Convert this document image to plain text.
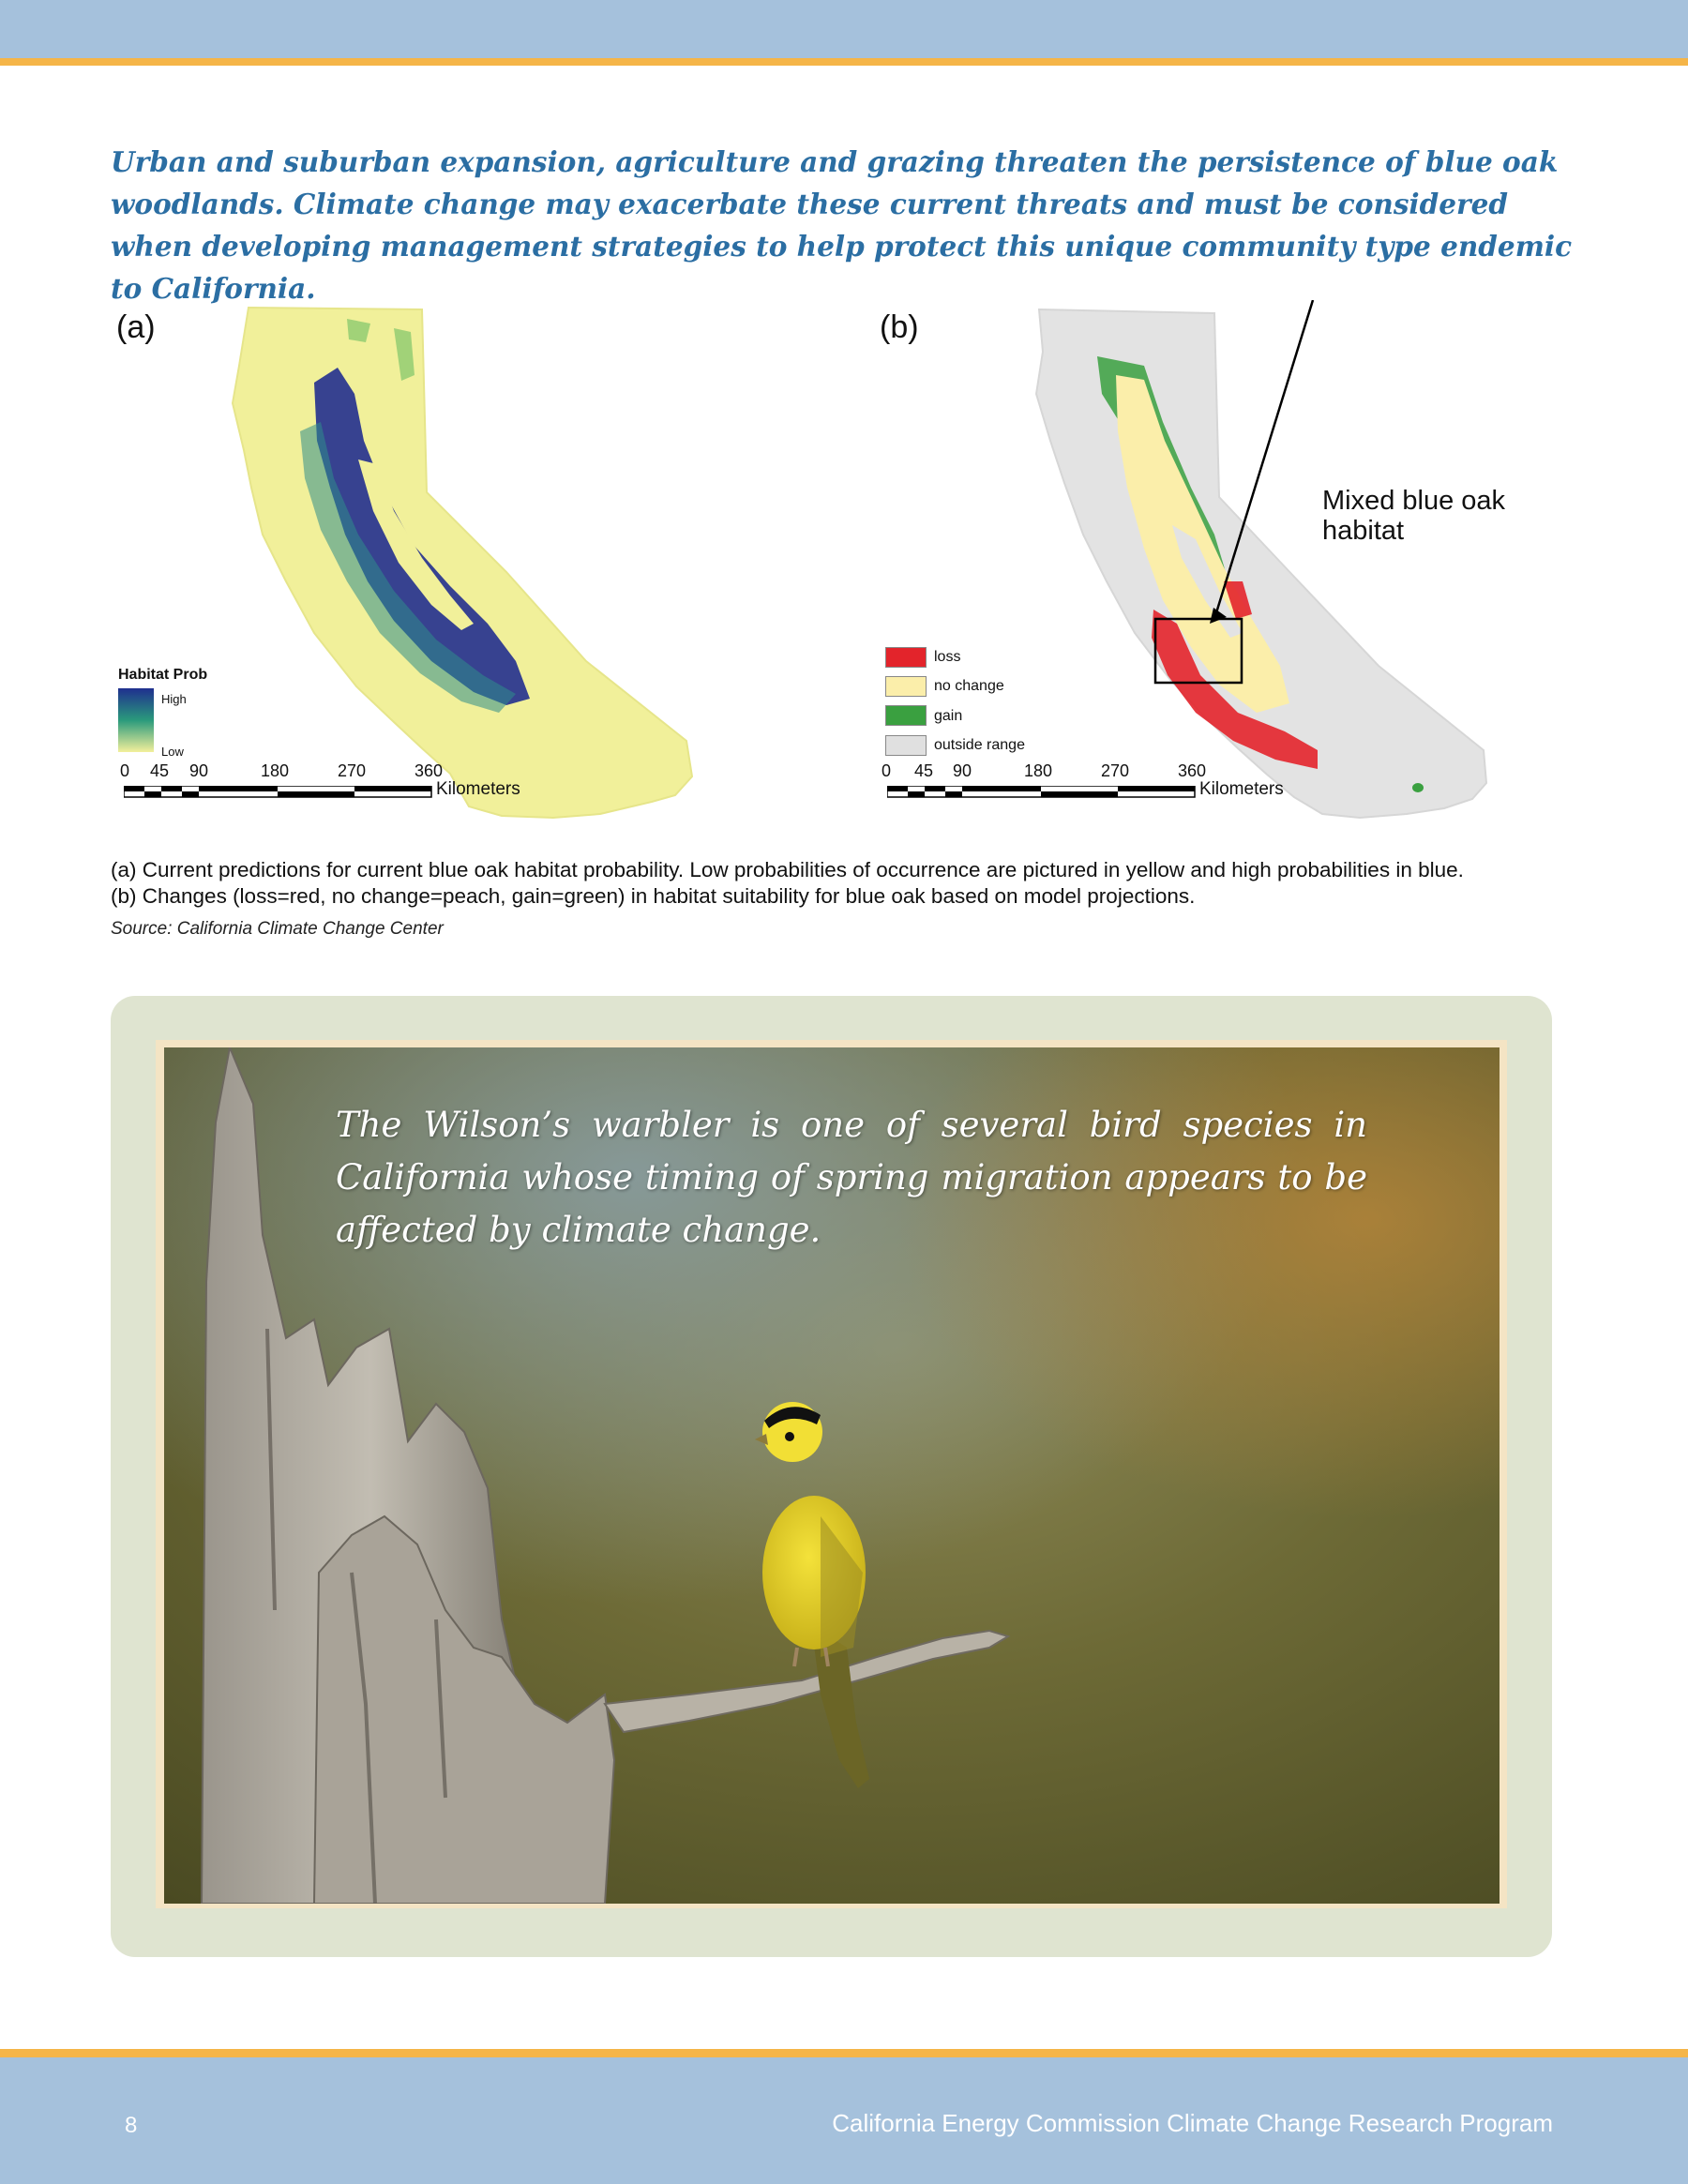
Urban and suburban expansion, agriculture and grazing threaten the persistence of blue oak woodlands. Climate change may exacerbate these current threats and must be considered when developing management strategies to help protect this unique community type endemic to California.

(a)
Habitat Prob
High
Low
0 45 90	180	270	360
Kilometers
(b)
Mixed blue oak
habitat
loss
no change
gain
outside range
0 45 90	180	270	360
Kilometers
(a) Current predictions for current blue oak habitat probability. Low probabilities of occurrence are pictured in yellow and high probabilities in blue.
(b) Changes (loss=red, no change=peach, gain=green) in habitat suitability for blue oak based on model projections.
Source: California Climate Change Center

The Wilson’s warbler is one of several bird species in California whose timing of spring migration appears to be affected by climate change.

8	California Energy Commission Climate Change Research Program
